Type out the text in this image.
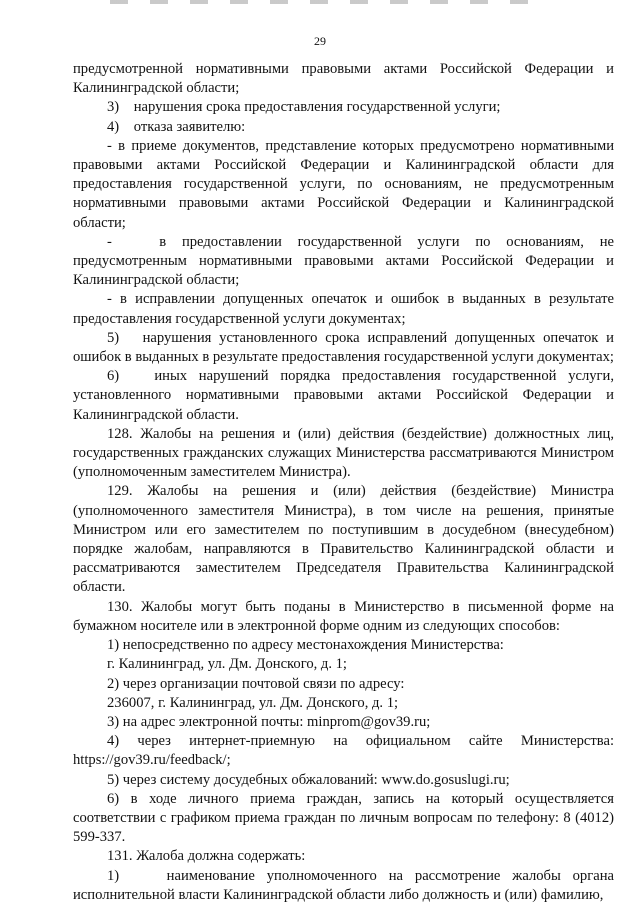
29

предусмотренной нормативными правовыми актами Российской Федерации и Калининградской области;

3)    нарушения срока предоставления государственной услуги;

4)    отказа заявителю:

- в приеме документов, представление которых предусмотрено нормативными правовыми актами Российской Федерации и Калининградской области для предоставления государственной услуги, по основаниям, не предусмотренным нормативными правовыми актами Российской Федерации и Калининградской области;

-   в предоставлении государственной услуги по основаниям, не предусмотренным нормативными правовыми актами Российской Федерации и Калининградской области;

- в исправлении допущенных опечаток и ошибок в выданных в результате предоставления государственной услуги документах;

5)   нарушения установленного срока исправлений допущенных опечаток и ошибок в выданных в результате предоставления государственной услуги документах;

6)   иных нарушений порядка предоставления государственной услуги, установленного нормативными правовыми актами Российской Федерации и Калининградской области.

128. Жалобы на решения и (или) действия (бездействие) должностных лиц, государственных гражданских служащих Министерства рассматриваются Министром (уполномоченным заместителем Министра).

129. Жалобы на решения и (или) действия (бездействие) Министра (уполномоченного заместителя Министра), в том числе на решения, принятые Министром или его заместителем по поступившим в досудебном (внесудебном) порядке жалобам, направляются в Правительство Калининградской области и рассматриваются заместителем Председателя Правительства Калининградской области.

130. Жалобы могут быть поданы в Министерство в письменной форме на бумажном носителе или в электронной форме одним из следующих способов:

1) непосредственно по адресу местонахождения Министерства:

г. Калининград, ул. Дм. Донского, д. 1;

2) через организации почтовой связи по адресу:

236007, г. Калининград, ул. Дм. Донского, д. 1;

3) на адрес электронной почты: minprom@gov39.ru;

4) через интернет-приемную на официальном сайте Министерства: https://gov39.ru/feedback/;

5) через систему досудебных обжалований: www.do.gosuslugi.ru;

6) в ходе личного приема граждан, запись на который осуществляется соответствии с графиком приема граждан по личным вопросам по телефону: 8 (4012) 599-337.

131. Жалоба должна содержать:

1)    наименование уполномоченного на рассмотрение жалобы органа исполнительной власти Калининградской области либо должность и (или) фамилию,
